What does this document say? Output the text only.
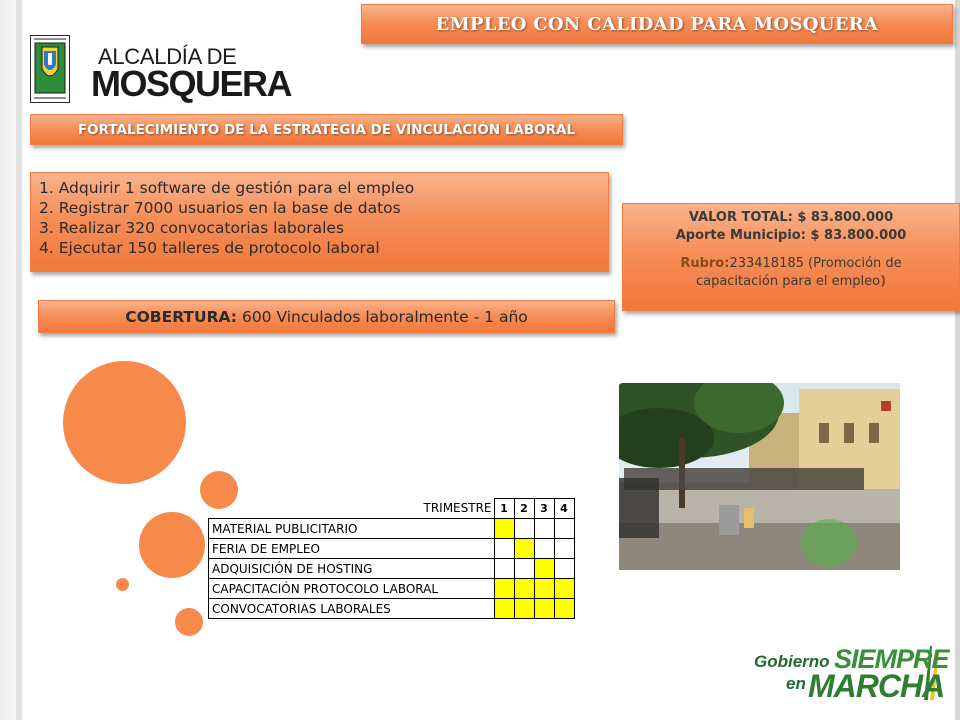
ALCALDÍA DE
MOSQUERA
EMPLEO CON CALIDAD PARA MOSQUERA
FORTALECIMIENTO DE LA ESTRATEGIA DE VINCULACIÓN LABORAL
1. Adquirir 1 software de gestión para el empleo
2. Registrar 7000 usuarios en la base de datos
3. Realizar 320 convocatorias laborales
4. Ejecutar 150 talleres de protocolo laboral
COBERTURA: 600 Vinculados laboralmente - 1 año
VALOR TOTAL: $ 83.800.000
Aporte Municipio: $ 83.800.000
Rubro:233418185 (Promoción de
capacitación para el empleo)
TRIMESTRE	1	2	3	4
MATERIAL PUBLICITARIO				
FERIA DE EMPLEO				
ADQUISICIÓN DE HOSTING				
CAPACITACIÓN PROTOCOLO LABORAL				
CONVOCATORIAS LABORALES				
Gobierno SIEMPRE
en MARCHA
